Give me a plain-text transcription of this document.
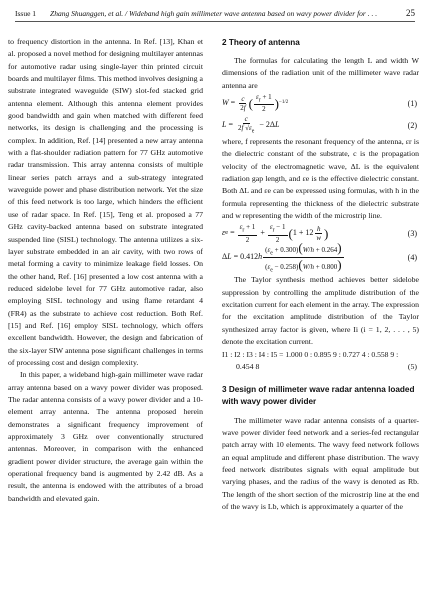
Issue 1 Zhang Shuanggen, et al. / Wideband high gain millimeter wave antenna based on wavy power divider for . . .	25

to frequency distortion in the antenna. In Ref. [13], Khan et al. proposed a novel method for designing multilayer antennas for automotive radar using single-layer thin printed circuit boards and multilayer films. This method involves designing a substrate integrated waveguide (SIW) slot-fed stacked grid antenna element. Although this antenna element provides good bandwidth and gain when matched with different feed networks, its design is challenging and the processing is complex. In addition, Ref. [14] presented a new array antenna with a flat-shoulder radiation pattern for 77 GHz automotive radar transmission. This array antenna consists of multiple linear series patch arrays and a sub-strategy integrated waveguide power and phase distribution network. Yet the size of this feed network is too large, which hinders the efficient use of radar space. In Ref. [15], Teng et al. proposed a 77 GHz cavity-backed antenna based on substrate integrated suspended line (SISL) technology. The antenna utilizes a six-layer substrate embedded in an air cavity, with two rows of metal forming a cavity to minimize leakage field losses. On the other hand, Ref. [16] presented a low cost antenna with a reduced sidelobe level for 77 GHz automotive radar, also employing SISL technology and using flame retardant 4 (FR4) as the substrate to achieve cost reduction. Both Ref. [15] and Ref. [16] employ SISL technology, which offers excellent bandwidth. However, the design and fabrication of the six-layer SIW antenna pose significant challenges in terms of processing cost and design complexity.

In this paper, a wideband high-gain millimeter wave radar array antenna based on a wavy power divider was proposed. The radar antenna consists of a wavy power divider and a 10-element array antenna. The antenna proposed herein demonstrates a significant frequency improvement of approximately 3 GHz over conventionally structured antennas. Moreover, in comparison with the enhanced gradient power divider structure, the average gain within the operational frequency band is augmented by 2.42 dB. As a result, the antenna is endowed with the attributes of a broad bandwidth and elevated gain.

2 Theory of antenna

The formulas for calculating the length L and width W dimensions of the radiation unit of the millimeter wave radar antenna are

$W = \frac{c}{2f}$ ( $\frac{\varepsilon_r + 1}{2}$ ) −1/2	(1)
$L = \frac{c}{2f √\varepsilon_e} - 2\Delta$ L	(2)

where, f represents the resonant frequency of the antenna, εr is the dielectric constant of the substrate, c is the propagation velocity of the electromagnetic wave, ΔL is the equivalent radiation gap length, and εe is the effective dielectric constant. Both ΔL and εe can be expressed using formulas, with h in the formula representing the thickness of the dielectric substrate and w representing the width of the microstrip line.

ε $e = \frac{\varepsilon_r + 1}{2} + \frac{\varepsilon_r - 1}{2}$ ( $1 + 12 \frac{h}{w}$ )	(3)
Δ L = 0.412 h $\frac{(\varepsilon_e + 0.300)(W/h + 0.264)}{(\varepsilon_e - 0.258)(W/h + 0.800)}$	(4)

The Taylor synthesis method achieves better sidelobe suppression by controlling the amplitude distribution of the excitation current for each element in the array. The expression for the excitation amplitude distribution of the Taylor synthesized array factor is given, where Ii (i = 1, 2, . . . , 5) denote the excitation current.

I1 : I2 : I3 : I4 : I5 = 1.000 0 : 0.895 9 : 0.727 4 : 0.558 9 :
0.454 8	(5)
3 Design of millimeter wave radar antenna loaded with wavy power divider

The millimeter wave radar antenna consists of a quarter-wave power divider feed network and a series-fed rectangular patch array with 10 elements. The wavy feed network follows an equal amplitude and different phase distribution. The wavy feed network distributes signals with equal amplitude but varying phases, and the radius of the wavy is denoted as Rb. The length of the short section of the microstrip line at the end of the wavy is Lb, which is approximately a quarter of the
